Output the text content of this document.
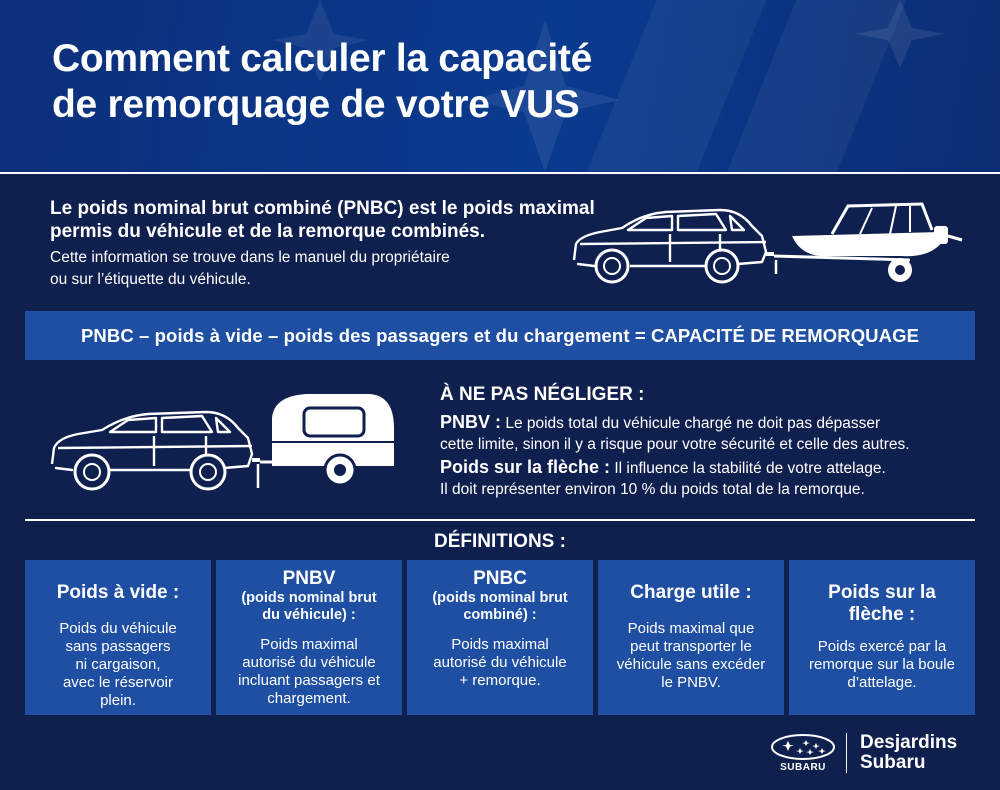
Comment calculer la capacité
de remorquage de votre VUS

Le poids nominal brut combiné (PNBC) est le poids maximal
permis du véhicule et de la remorque combinés.

Cette information se trouve dans le manuel du propriétaire
ou sur l’étiquette du véhicule.

PNBC – poids à vide – poids des passagers et du chargement = CAPACITÉ DE REMORQUAGE
À NE PAS NÉGLIGER :

PNBV : Le poids total du véhicule chargé ne doit pas dépasser
cette limite, sinon il y a risque pour votre sécurité et celle des autres.

Poids sur la flèche : Il influence la stabilité de votre attelage.
Il doit représenter environ 10 % du poids total de la remorque.

DÉFINITIONS :
Poids à vide :
Poids du véhicule
sans passagers
ni cargaison,
avec le réservoir
plein.
PNBV
(poids nominal brut
du véhicule) :
Poids maximal
autorisé du véhicule
incluant passagers et
chargement.
PNBC
(poids nominal brut
combiné) :
Poids maximal
autorisé du véhicule
+ remorque.
Charge utile :
Poids maximal que
peut transporter le
véhicule sans excéder
le PNBV.
Poids sur la
flèche :
Poids exercé par la
remorque sur la boule
d’attelage.
SUBARU
Desjardins
Subaru
